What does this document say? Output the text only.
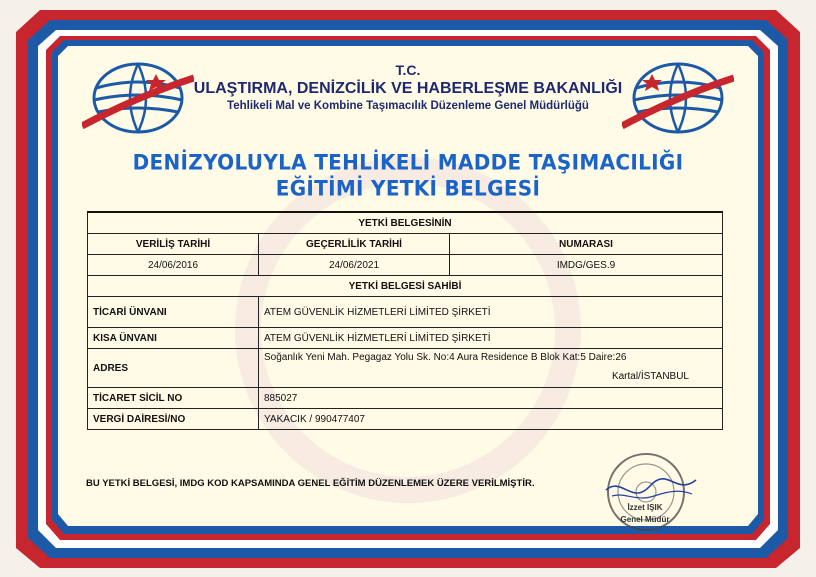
T.C.
ULAŞTIRMA, DENİZCİLİK VE HABERLEŞME BAKANLIĞI
Tehlikeli Mal ve Kombine Taşımacılık Düzenleme Genel Müdürlüğü
DENİZYOLUYLA TEHLİKELİ MADDE TAŞIMACILIĞI
EĞİTİMİ YETKİ BELGESİ
YETKİ BELGESİNİN		
VERİLİŞ TARİHİ	GEÇERLİLİK TARİHİ	NUMARASI
24/06/2016	24/06/2021	IMDG/GES.9
YETKİ BELGESİ SAHİBİ		
TİCARİ ÜNVANI	ATEM GÜVENLİK HİZMETLERİ LİMİTED ŞİRKETİ	
KISA ÜNVANI	ATEM GÜVENLİK HİZMETLERİ LİMİTED ŞİRKETİ	
ADRES	Soğanlık Yeni Mah. Pegagaz Yolu Sk. No:4 Aura Residence B Blok Kat:5 Daire:26
Kartal/İSTANBUL	

TİCARET SİCİL NO	885027	
VERGİ DAİRESİ/NO	YAKACIK / 990477407	
BU YETKİ BELGESİ, IMDG KOD KAPSAMINDA GENEL EĞİTİM DÜZENLEMEK ÜZERE VERİLMİŞTİR.
İzzet IŞIK
Genel Müdür
